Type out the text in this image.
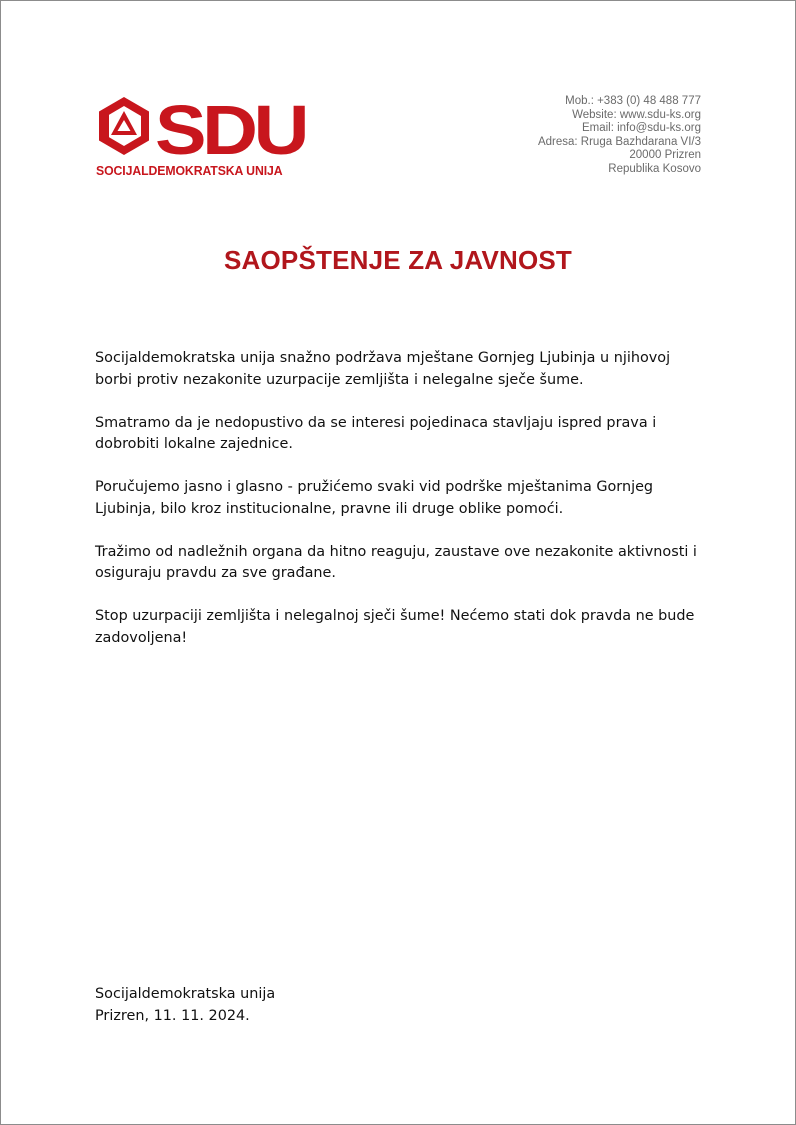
SDU
SOCIJALDEMOKRATSKA UNIJA
Mob.: +383 (0) 48 488 777
Website: www.sdu-ks.org
Email: info@sdu-ks.org
Adresa: Rruga Bazhdarana VI/3
20000 Prizren
Republika Kosovo
SAOPŠTENJE ZA JAVNOST

Socijaldemokratska unija snažno podržava mještane Gornjeg Ljubinja u njihovoj borbi protiv nezakonite uzurpacije zemljišta i nelegalne sječe šume.

Smatramo da je nedopustivo da se interesi pojedinaca stavljaju ispred prava i dobrobiti lokalne zajednice.

Poručujemo jasno i glasno - pružićemo svaki vid podrške mještanima Gornjeg Ljubinja, bilo kroz institucionalne, pravne ili druge oblike pomoći.

Tražimo od nadležnih organa da hitno reaguju, zaustave ove nezakonite aktivnosti i osiguraju pravdu za sve građane.

Stop uzurpaciji zemljišta i nelegalnoj sječi šume! Nećemo stati dok pravda ne bude zadovoljena!

Socijaldemokratska unija
Prizren, 11. 11. 2024.
